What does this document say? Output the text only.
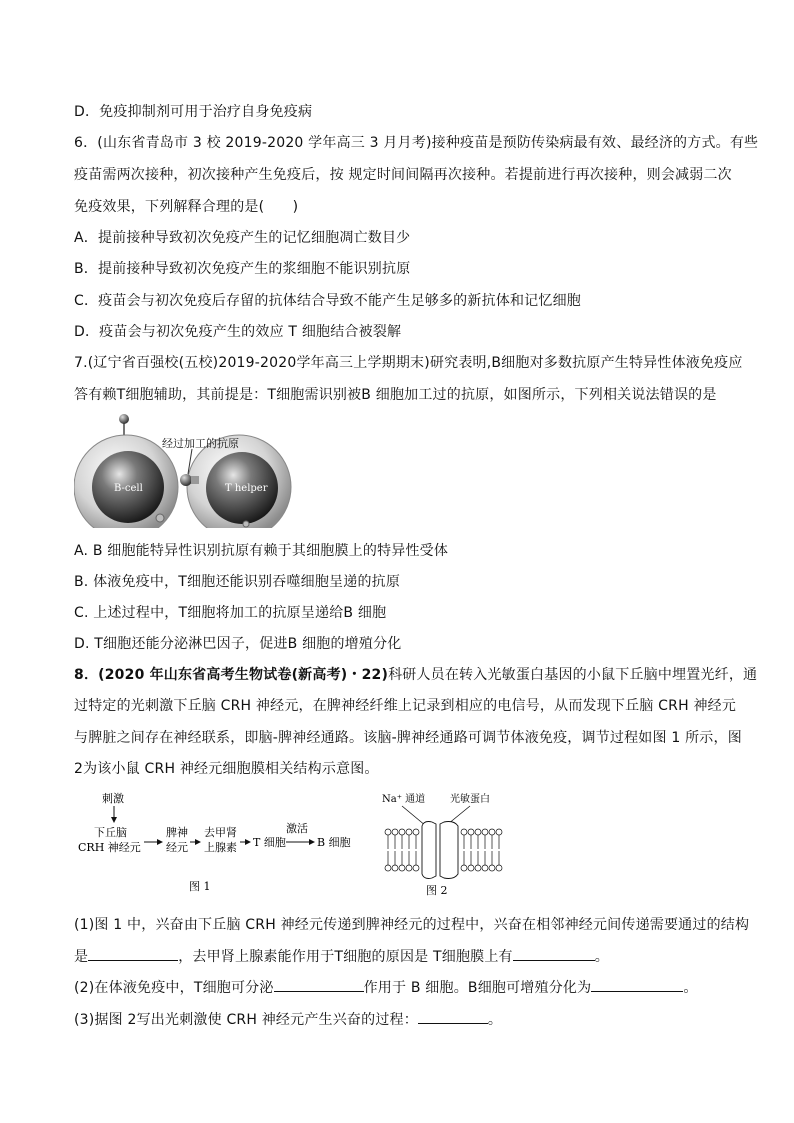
D．免疫抑制剂可用于治疗自身免疫病
6．(山东省青岛市 3 校 2019-2020 学年高三 3 月月考)接种疫苗是预防传染病最有效、最经济的方式。有些
疫苗需两次接种，初次接种产生免疫后，按 规定时间间隔再次接种。若提前进行再次接种，则会减弱二次
免疫效果，下列解释合理的是(　　)
A．提前接种导致初次免疫产生的记忆细胞凋亡数目少
B．提前接种导致初次免疫产生的浆细胞不能识别抗原
C．疫苗会与初次免疫后存留的抗体结合导致不能产生足够多的新抗体和记忆细胞
D．疫苗会与初次免疫产生的效应 T 细胞结合被裂解
7.(辽宁省百强校(五校)2019-2020学年高三上学期期末)研究表明,B细胞对多数抗原产生特异性体液免疫应
答有赖T细胞辅助，其前提是：T细胞需识别被B 细胞加工过的抗原，如图所示，下列相关说法错误的是
B-cell	T helper
经过加工的抗原
A. B 细胞能特异性识别抗原有赖于其细胞膜上的特异性受体
B. 体液免疫中，T细胞还能识别吞噬细胞呈递的抗原
C. 上述过程中，T细胞将加工的抗原呈递给B 细胞
D. T细胞还能分泌淋巴因子，促进B 细胞的增殖分化
8．(2020 年山东省高考生物试卷(新高考)・22)科研人员在转入光敏蛋白基因的小鼠下丘脑中埋置光纤，通
过特定的光刺激下丘脑 CRH 神经元，在脾神经纤维上记录到相应的电信号，从而发现下丘脑 CRH 神经元
与脾脏之间存在神经联系，即脑-脾神经通路。该脑-脾神经通路可调节体液免疫，调节过程如图 1 所示，图
2为该小鼠 CRH 神经元细胞膜相关结构示意图。
刺激
下丘脑
CRH 神经元
脾神
经元
去甲肾
上腺素 T 细胞
激活
B 细胞
图 1
Na⁺ 通道 光敏蛋白
图 2
(1)图 1 中，兴奋由下丘脑 CRH 神经元传递到脾神经元的过程中，兴奋在相邻神经元间传递需要通过的结构
是	，去甲肾上腺素能作用于T细胞的原因是 T细胞膜上有	。
(2)在体液免疫中，T细胞可分泌	作用于 B 细胞。B细胞可增殖分化为	。
(3)据图 2写出光刺激使 CRH 神经元产生兴奋的过程：	。
